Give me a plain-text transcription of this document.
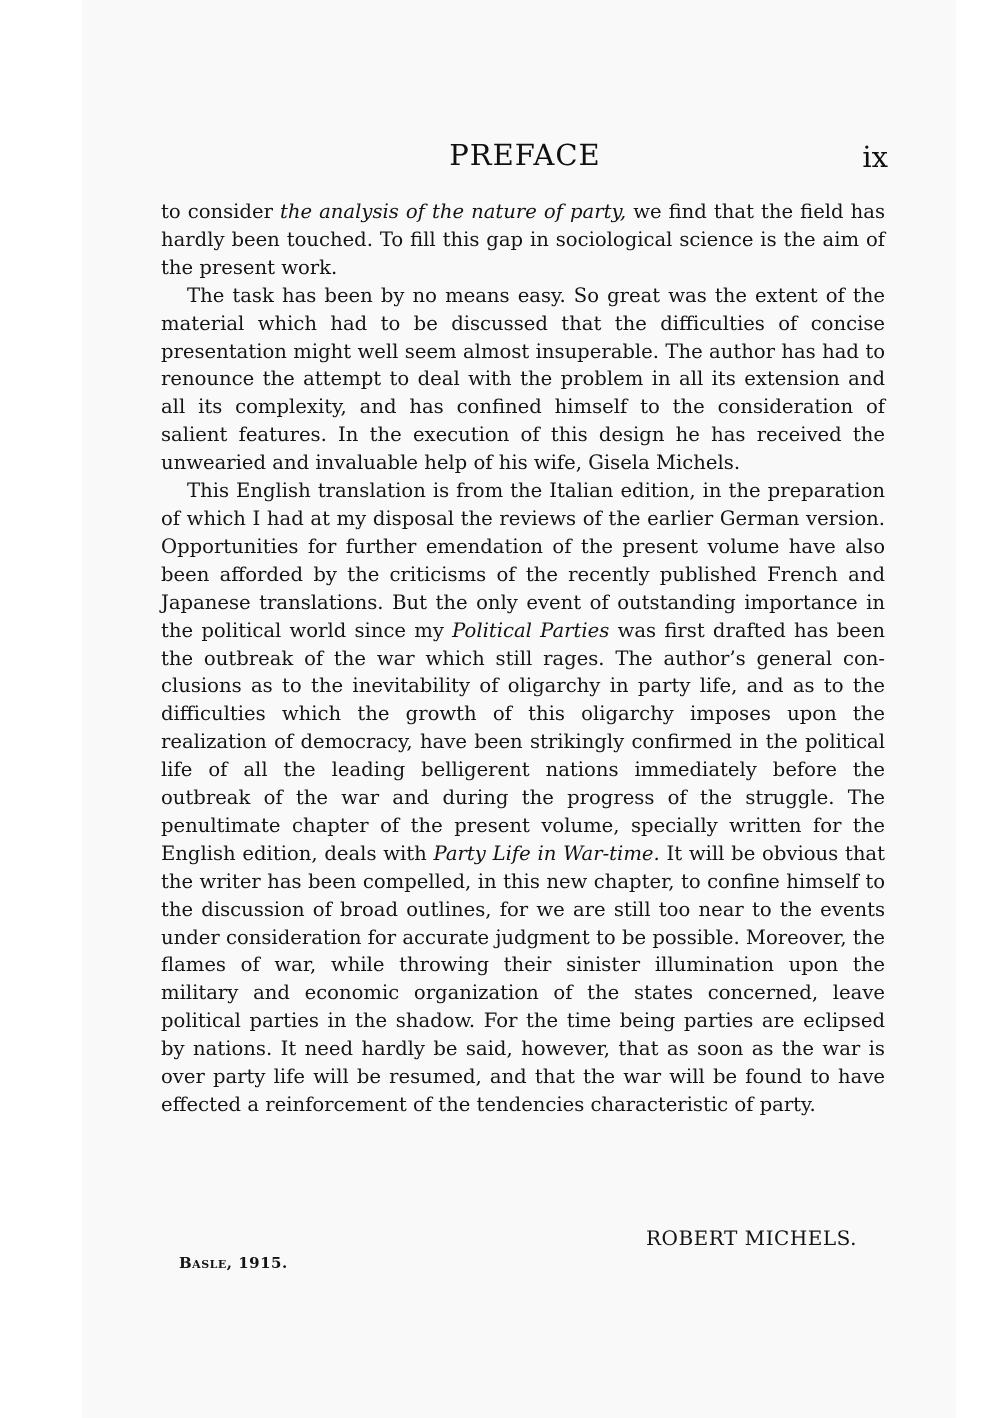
PREFACE	ix

to consider the analysis of the nature of party, we find that the field has hardly been touched. To fill this gap in sociological science is the aim of the present work.

The task has been by no means easy. So great was the extent of the material which had to be discussed that the difficulties of concise presentation might well seem almost insuperable. The author has had to renounce the attempt to deal with the problem in all its extension and all its complexity, and has confined himself to the consideration of salient features. In the execution of this design he has received the unwearied and invaluable help of his wife, Gisela Michels.

This English translation is from the Italian edition, in the preparation of which I had at my disposal the reviews of the earlier German version. Opportunities for further emendation of the present volume have also been afforded by the criticisms of the recently published French and Japanese translations. But the only event of outstanding importance in the political world since my Political Parties was first drafted has been the outbreak of the war which still rages. The author’s general conclusions as to the inevitability of oligarchy in party life, and as to the difficulties which the growth of this oligarchy imposes upon the realization of democracy, have been strikingly confirmed in the political life of all the leading belligerent nations immediately before the outbreak of the war and during the progress of the struggle. The penultimate chapter of the present volume, specially written for the English edition, deals with Party Life in War-time. It will be obvious that the writer has been compelled, in this new chapter, to confine himself to the discussion of broad outlines, for we are still too near to the events under consideration for accurate judgment to be possible. Moreover, the flames of war, while throwing their sinister illumination upon the military and economic organization of the states concerned, leave political parties in the shadow. For the time being parties are eclipsed by nations. It need hardly be said, however, that as soon as the war is over party life will be resumed, and that the war will be found to have effected a reinforcement of the tendencies characteristic of party.

ROBERT MICHELS.
Basle, 1915.
